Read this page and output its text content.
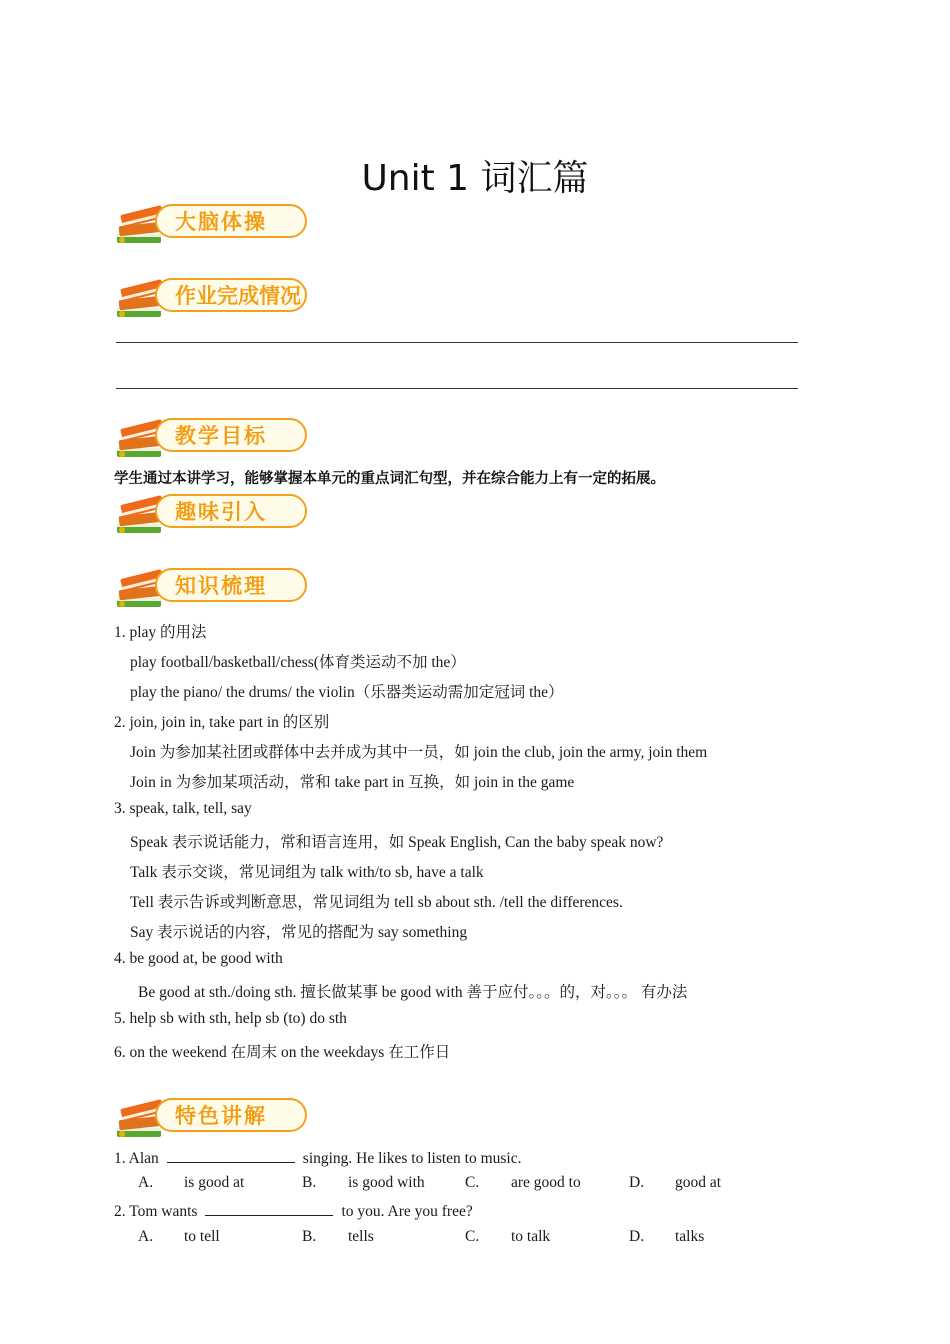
Unit 1 词汇篇
大脑体操
作业完成情况
教学目标
学生通过本讲学习，能够掌握本单元的重点词汇句型，并在综合能力上有一定的拓展。
趣味引入
知识梳理
1. play 的用法
play football/basketball/chess(体育类运动不加 the）
play the piano/ the drums/ the violin（乐器类运动需加定冠词 the）
2. join, join in, take part in 的区别
Join 为参加某社团或群体中去并成为其中一员，如 join the club, join the army, join them
Join in 为参加某项活动，常和 take part in 互换，如 join in the game
3. speak, talk, tell, say
Speak 表示说话能力，常和语言连用，如 Speak English, Can the baby speak now?
Talk 表示交谈，常见词组为 talk with/to sb, have a talk
Tell 表示告诉或判断意思，常见词组为 tell sb about sth. /tell the differences.
Say 表示说话的内容，常见的搭配为 say something
4. be good at, be good with
Be good at sth./doing sth. 擅长做某事 be good with 善于应付。。。的，对。。。 有办法
5. help sb with sth, help sb (to) do sth
6. on the weekend 在周末 on the weekdays 在工作日
特色讲解
1. Alan	singing. He likes to listen to music.
A. is good at	B. is good with	C. are good to	D. good at
2. Tom wants	to you. Are you free?
A. to tell	B. tells	C. to talk	D. talks
